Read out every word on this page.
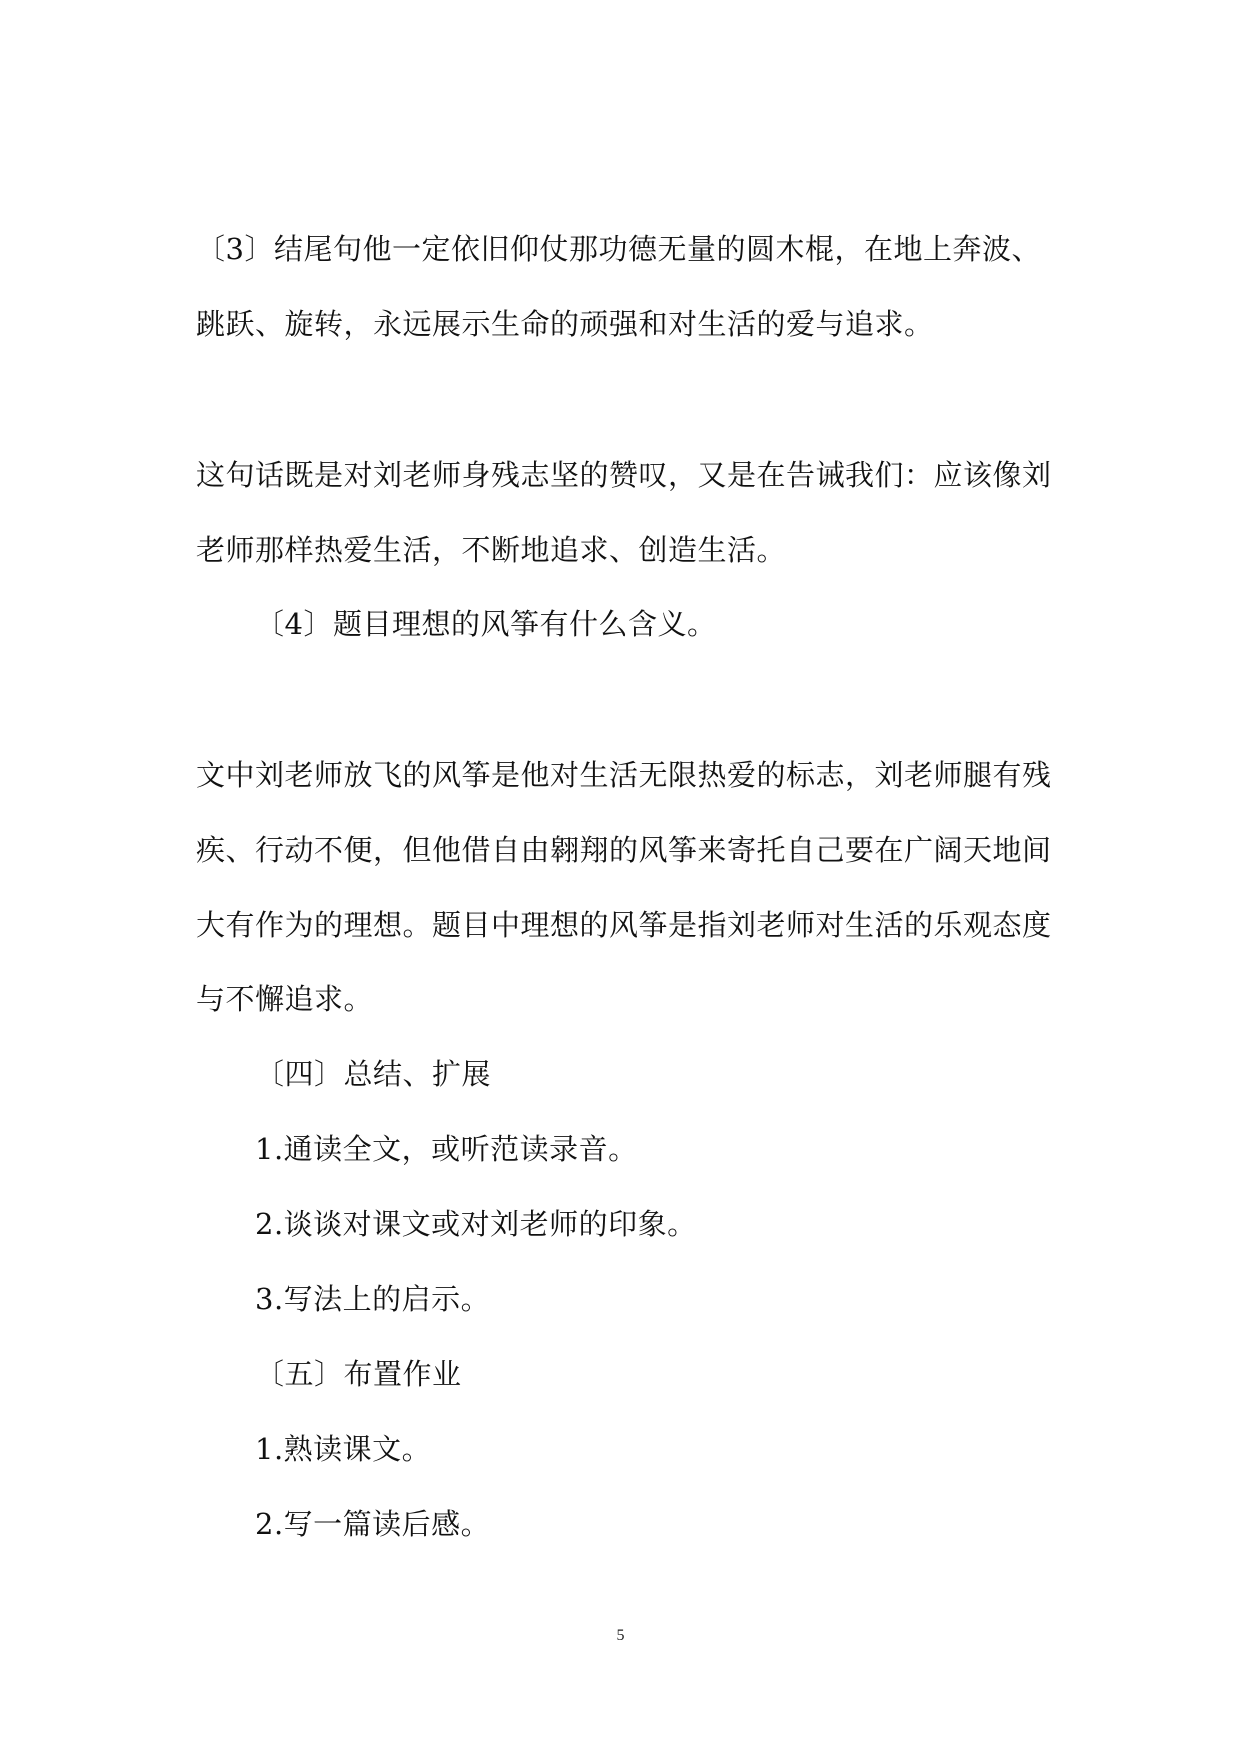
〔3〕结尾句他一定依旧仰仗那功德无量的圆木棍，在地上奔波、
跳跃、旋转，永远展示生命的顽强和对生活的爱与追求。
这句话既是对刘老师身残志坚的赞叹，又是在告诫我们：应该像刘
老师那样热爱生活，不断地追求、创造生活。
〔4〕题目理想的风筝有什么含义。
文中刘老师放飞的风筝是他对生活无限热爱的标志，刘老师腿有残
疾、行动不便，但他借自由翱翔的风筝来寄托自己要在广阔天地间
大有作为的理想。题目中理想的风筝是指刘老师对生活的乐观态度
与不懈追求。
〔四〕总结、扩展
1.通读全文，或听范读录音。
2.谈谈对课文或对刘老师的印象。
3.写法上的启示。
〔五〕布置作业
1.熟读课文。
2.写一篇读后感。
5
